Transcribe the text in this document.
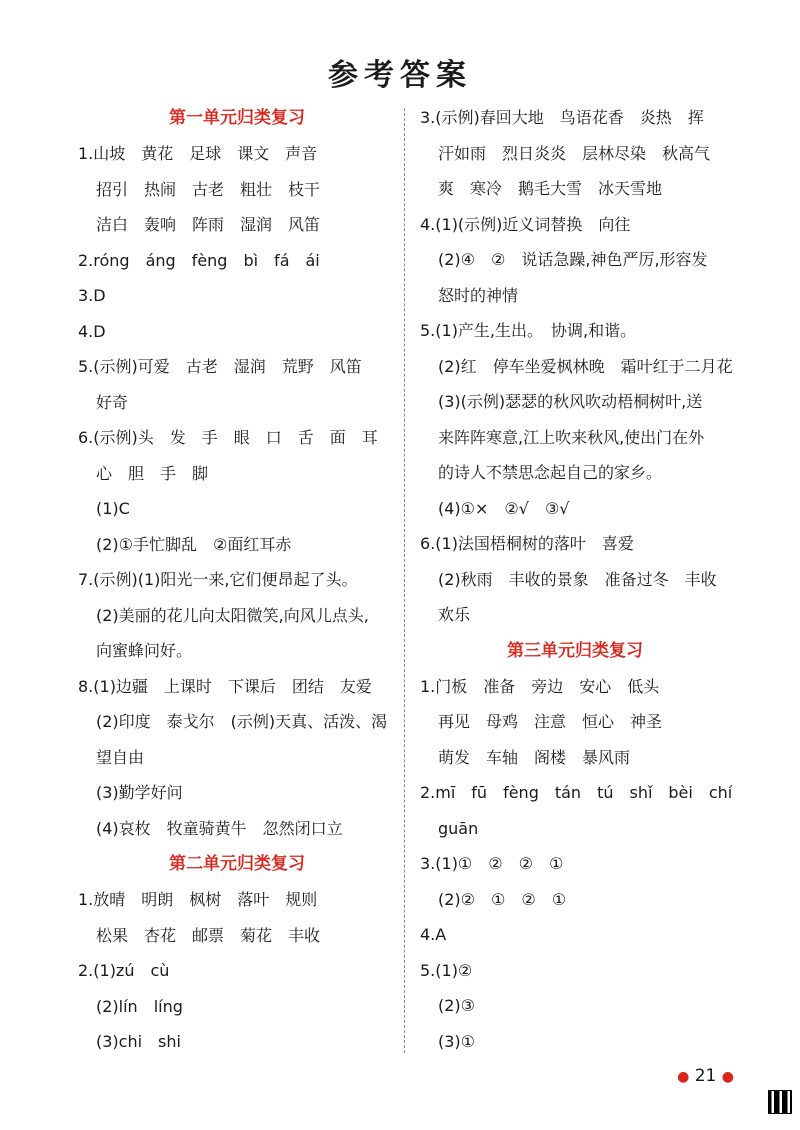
参考答案
第一单元归类复习
1.山坡　黄花　足球　课文　声音
招引　热闹　古老　粗壮　枝干
洁白　轰响　阵雨　湿润　风笛
2.róng　áng　fèng　bì　fá　ái
3.D
4.D
5.(示例)可爱　古老　湿润　荒野　风笛
好奇
6.(示例)头　发　手　眼　口　舌　面　耳
心　胆　手　脚
(1)C
(2)①手忙脚乱　②面红耳赤
7.(示例)(1)阳光一来,它们便昂起了头。
(2)美丽的花儿向太阳微笑,向风儿点头,
向蜜蜂问好。
8.(1)边疆　上课时　下课后　团结　友爱
(2)印度　泰戈尔　(示例)天真、活泼、渴
望自由
(3)勤学好问
(4)哀枚　牧童骑黄牛　忽然闭口立
第二单元归类复习
1.放晴　明朗　枫树　落叶　规则
松果　杏花　邮票　菊花　丰收
2.(1)zú　cù
(2)lín　líng
(3)chi　shi
3.(示例)春回大地　鸟语花香　炎热　挥
汗如雨　烈日炎炎　层林尽染　秋高气
爽　寒冷　鹅毛大雪　冰天雪地
4.(1)(示例)近义词替换　向往
(2)④　②　说话急躁,神色严厉,形容发
怒时的神情
5.(1)产生,生出。　协调,和谐。
(2)红　停车坐爱枫林晚　霜叶红于二月花
(3)(示例)瑟瑟的秋风吹动梧桐树叶,送
来阵阵寒意,江上吹来秋风,使出门在外
的诗人不禁思念起自己的家乡。
(4)①×　②√　③√
6.(1)法国梧桐树的落叶　喜爱
(2)秋雨　丰收的景象　准备过冬　丰收
欢乐
第三单元归类复习
1.门板　准备　旁边　安心　低头
再见　母鸡　注意　恒心　神圣
萌发　车轴　阁楼　暴风雨
2.mī　fū　fèng　tán　tú　shǐ　bèi　chí
guān
3.(1)①　②　②　①
(2)②　①　②　①
4.A
5.(1)②
(2)③
(3)①
● 21 ●
